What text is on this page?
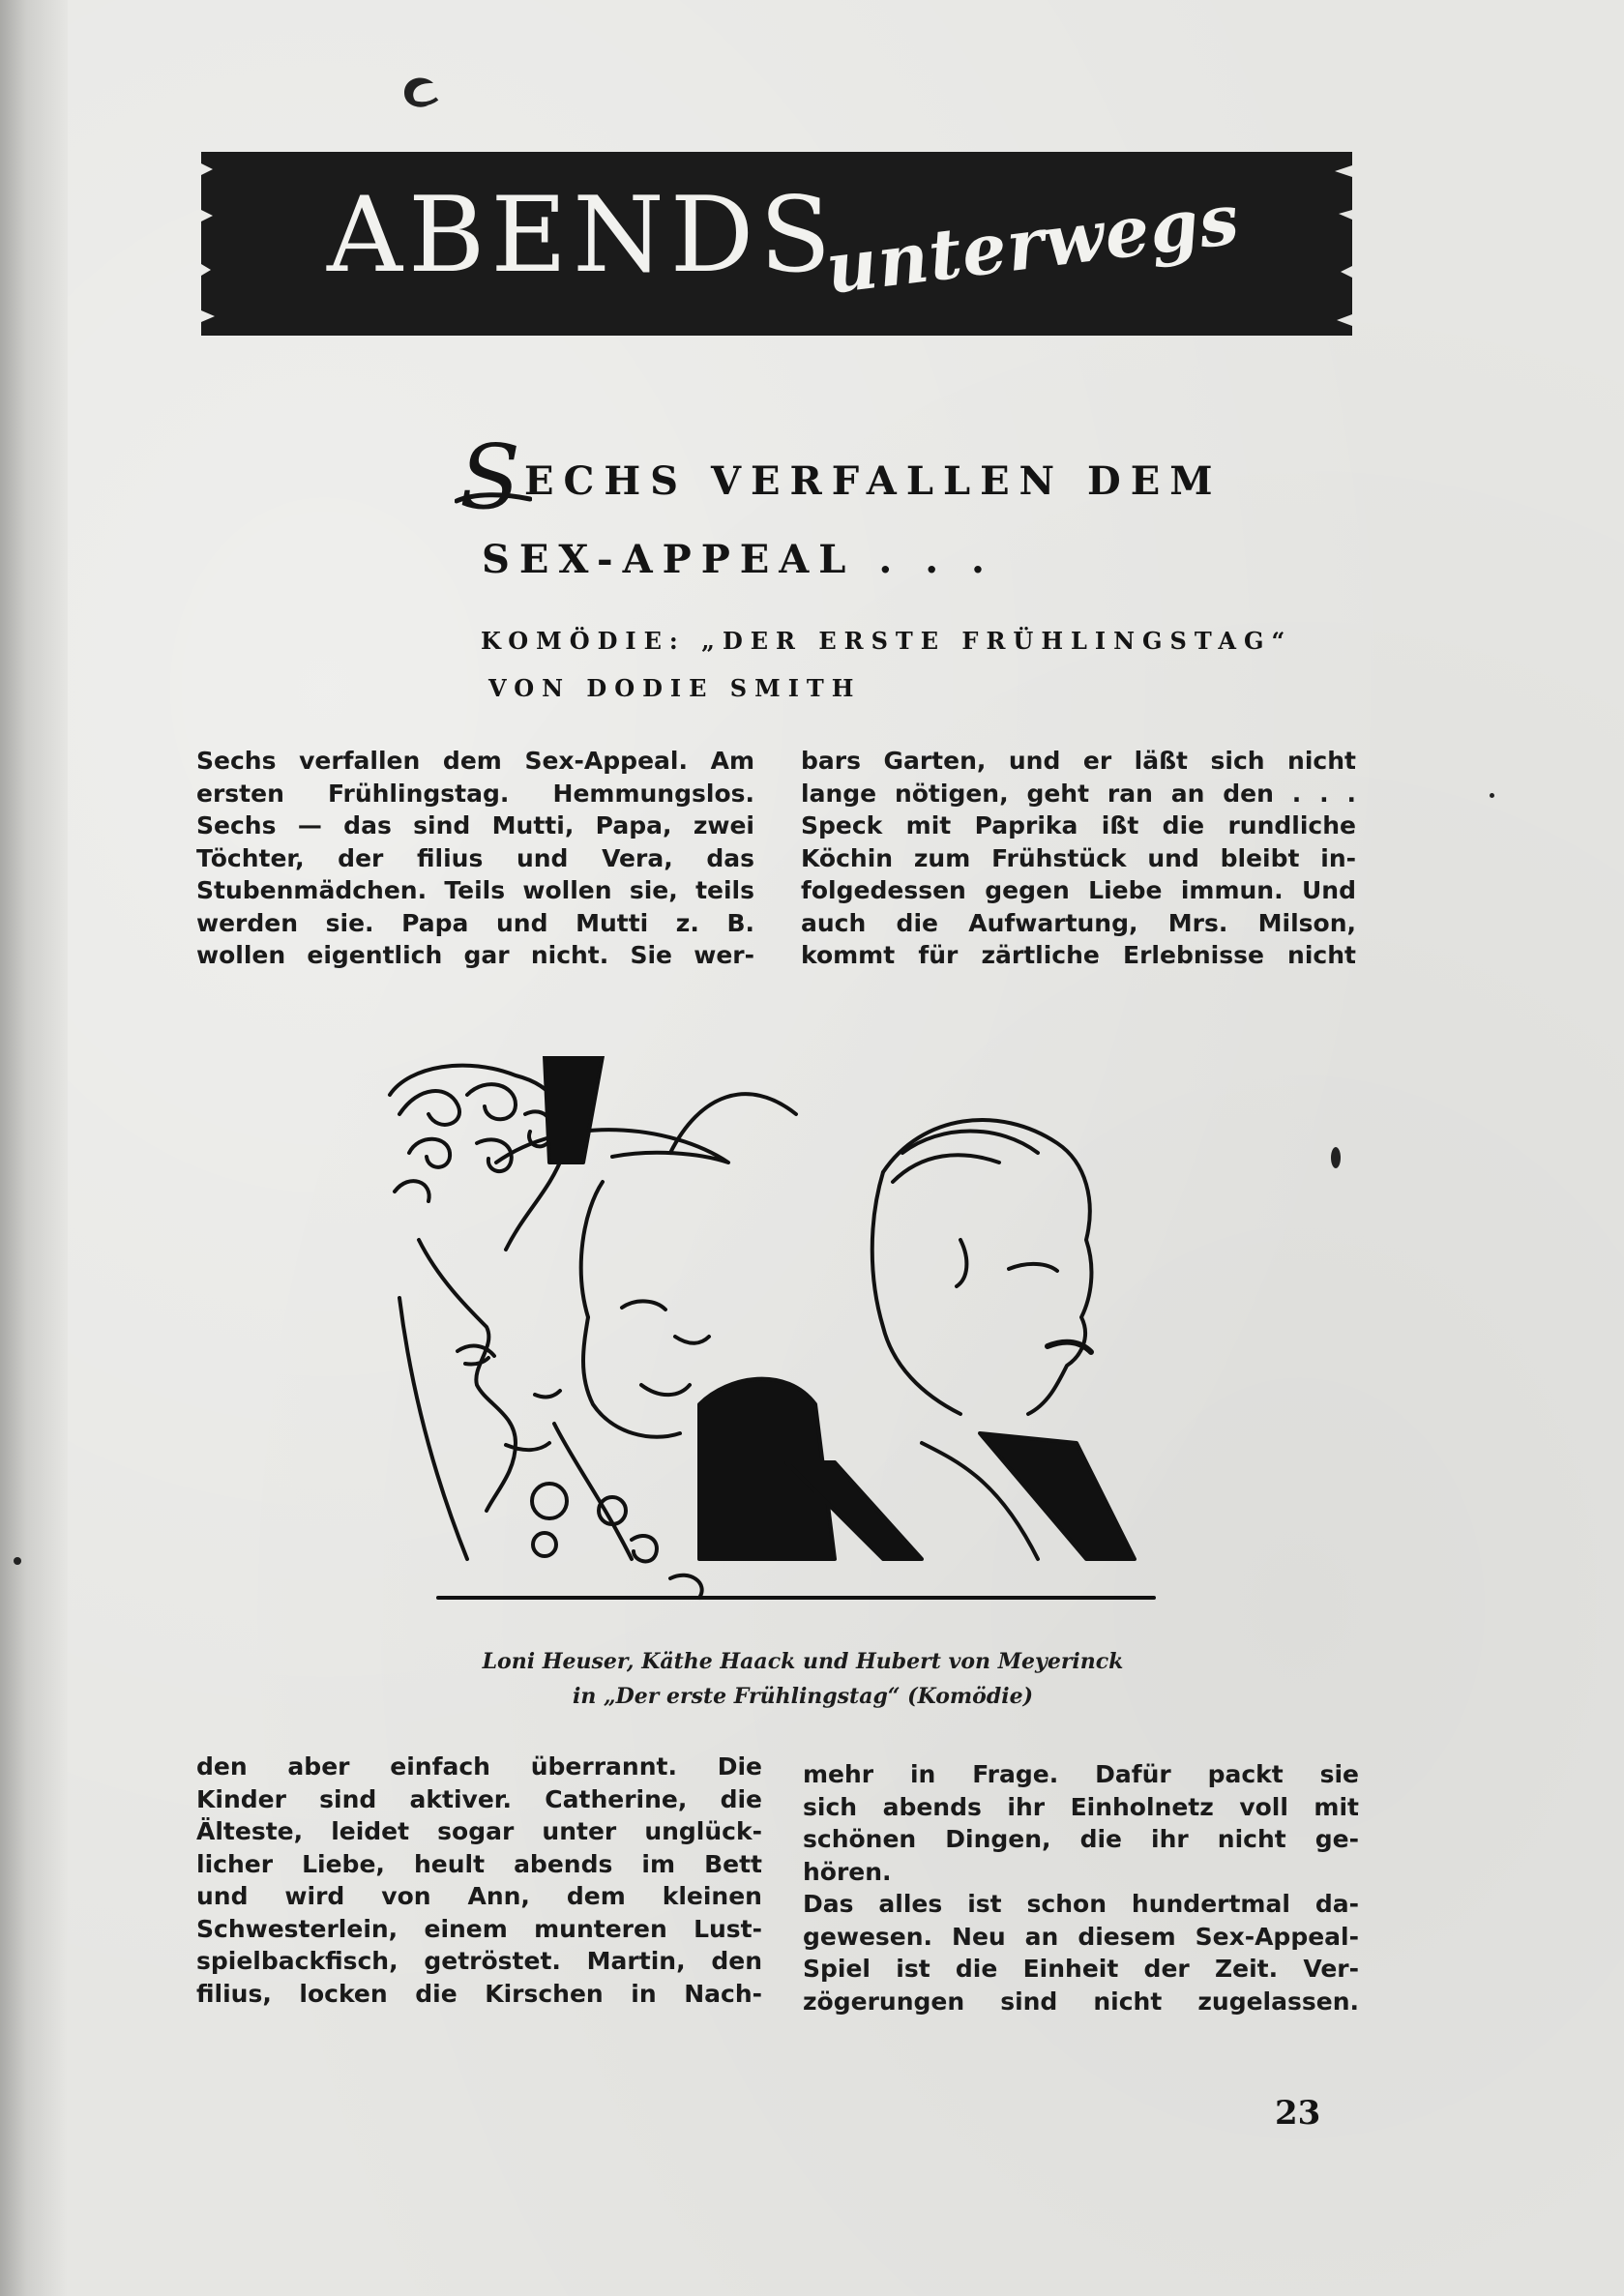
ABENDS
unterwegs
SECHS VERFALLEN DEM
SEX-APPEAL . . .
KOMÖDIE: „DER ERSTE FRÜHLINGSTAG“
VON DODIE SMITH
Sechs verfallen dem Sex-Appeal. Am
ersten Frühlingstag. Hemmungslos.
Sechs — das sind Mutti, Papa, zwei
Töchter, der filius und Vera, das
Stubenmädchen. Teils wollen sie, teils
werden sie. Papa und Mutti z. B.
wollen eigentlich gar nicht. Sie wer-
bars Garten, und er läßt sich nicht
lange nötigen, geht ran an den . . .
Speck mit Paprika ißt die rundliche
Köchin zum Frühstück und bleibt in-
folgedessen gegen Liebe immun. Und
auch die Aufwartung, Mrs. Milson,
kommt für zärtliche Erlebnisse nicht
Loni Heuser, Käthe Haack und Hubert von Meyerinck
in „Der erste Frühlingstag“ (Komödie)
den aber einfach überrannt. Die
Kinder sind aktiver. Catherine, die
Älteste, leidet sogar unter unglück-
licher Liebe, heult abends im Bett
und wird von Ann, dem kleinen
Schwesterlein, einem munteren Lust-
spielbackfisch, getröstet. Martin, den
filius, locken die Kirschen in Nach-
mehr in Frage. Dafür packt sie
sich abends ihr Einholnetz voll mit
schönen Dingen, die ihr nicht ge-
hören.
Das alles ist schon hundertmal da-
gewesen. Neu an diesem Sex-Appeal-
Spiel ist die Einheit der Zeit. Ver-
zögerungen sind nicht zugelassen.
23
